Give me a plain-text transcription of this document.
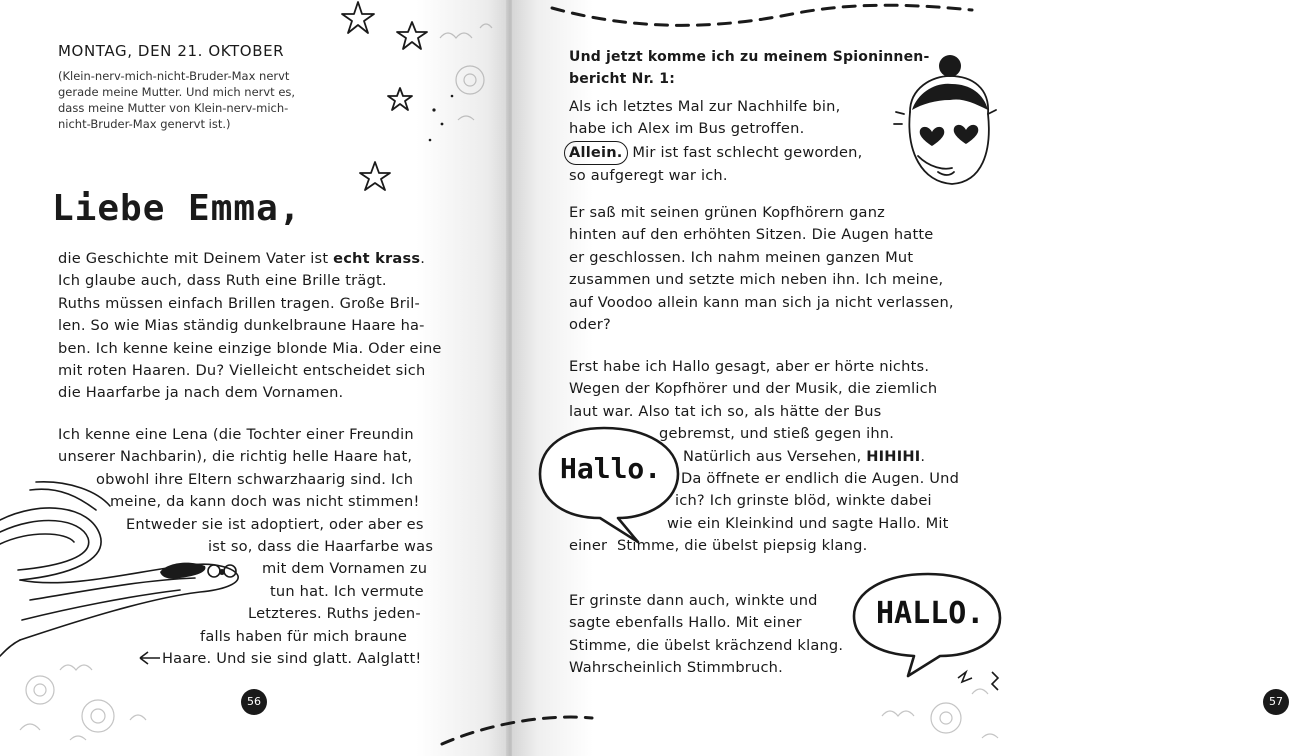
MONTAG, DEN 21. OKTOBER
(Klein-nerv-mich-nicht-Bruder-Max nervt
gerade meine Mutter. Und mich nervt es,
dass meine Mutter von Klein-nerv-mich-
nicht-Bruder-Max genervt ist.)
Liebe Emma,
die Geschichte mit Deinem Vater ist echt krass.
Ich glaube auch, dass Ruth eine Brille trägt.
Ruths müssen einfach Brillen tragen. Große Bril-
len. So wie Mias ständig dunkelbraune Haare ha-
ben. Ich kenne keine einzige blonde Mia. Oder eine
mit roten Haaren. Du? Vielleicht entscheidet sich
die Haarfarbe ja nach dem Vornamen.
Ich kenne eine Lena (die Tochter einer Freundin
unserer Nachbarin), die richtig helle Haare hat,
obwohl ihre Eltern schwarzhaarig sind. Ich
meine, da kann doch was nicht stimmen!
Entweder sie ist adoptiert, oder aber es
ist so, dass die Haarfarbe was
mit dem Vornamen zu
tun hat. Ich vermute
Letzteres. Ruths jeden-
falls haben für mich braune
Haare. Und sie sind glatt. Aalglatt!
56
Und jetzt komme ich zu meinem Spioninnen-
bericht Nr. 1:
Als ich letztes Mal zur Nachhilfe bin,
habe ich Alex im Bus getroffen.
Allein. Mir ist fast schlecht geworden,
so aufgeregt war ich.
Er saß mit seinen grünen Kopfhörern ganz
hinten auf den erhöhten Sitzen. Die Augen hatte
er geschlossen. Ich nahm meinen ganzen Mut
zusammen und setzte mich neben ihn. Ich meine,
auf Voodoo allein kann man sich ja nicht verlassen,
oder?
Erst habe ich Hallo gesagt, aber er hörte nichts.
Wegen der Kopfhörer und der Musik, die ziemlich
laut war. Also tat ich so, als hätte der Bus
gebremst, und stieß gegen ihn.
Natürlich aus Versehen, HIHIHI.
Da öffnete er endlich die Augen. Und
ich? Ich grinste blöd, winkte dabei
wie ein Kleinkind und sagte Hallo. Mit
einer  Stimme, die übelst piepsig klang.
Hallo.
Er grinste dann auch, winkte und
sagte ebenfalls Hallo. Mit einer
Stimme, die übelst krächzend klang.
Wahrscheinlich Stimmbruch.
HALLO.
57
